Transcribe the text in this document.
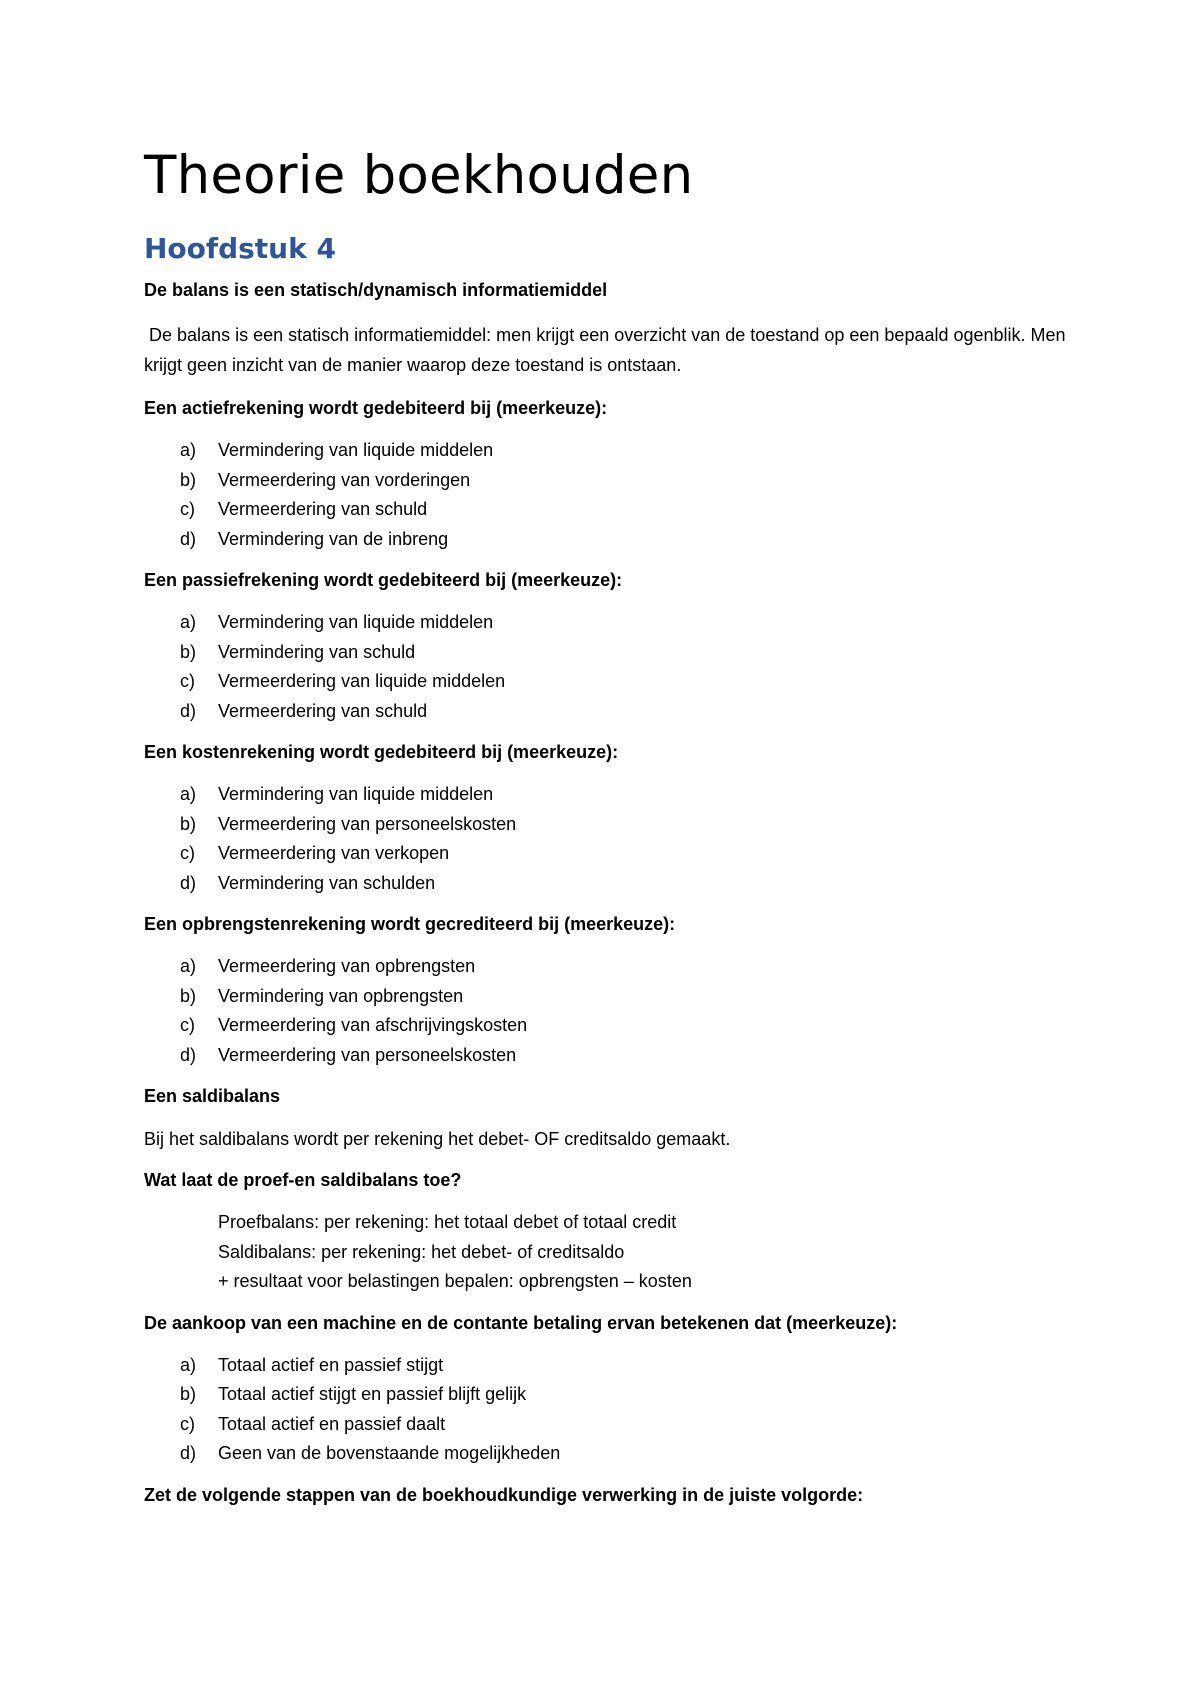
Theorie boekhouden
Hoofdstuk 4

De balans is een statisch/dynamisch informatiemiddel

De balans is een statisch informatiemiddel: men krijgt een overzicht van de toestand op een bepaald ogenblik. Men krijgt geen inzicht van de manier waarop deze toestand is ontstaan.

Een actiefrekening wordt gedebiteerd bij (meerkeuze):

a) Vermindering van liquide middelen
b) Vermeerdering van vorderingen
c) Vermeerdering van schuld
d) Vermindering van de inbreng

Een passiefrekening wordt gedebiteerd bij (meerkeuze):

a) Vermindering van liquide middelen
b) Vermindering van schuld
c) Vermeerdering van liquide middelen
d) Vermeerdering van schuld

Een kostenrekening wordt gedebiteerd bij (meerkeuze):

a) Vermindering van liquide middelen
b) Vermeerdering van personeelskosten
c) Vermeerdering van verkopen
d) Vermindering van schulden

Een opbrengstenrekening wordt gecrediteerd bij (meerkeuze):

a) Vermeerdering van opbrengsten
b) Vermindering van opbrengsten
c) Vermeerdering van afschrijvingskosten
d) Vermeerdering van personeelskosten

Een saldibalans

Bij het saldibalans wordt per rekening het debet- OF creditsaldo gemaakt.

Wat laat de proef-en saldibalans toe?

Proefbalans: per rekening: het totaal debet of totaal credit

Saldibalans: per rekening: het debet- of creditsaldo

+ resultaat voor belastingen bepalen: opbrengsten – kosten

De aankoop van een machine en de contante betaling ervan betekenen dat (meerkeuze):

a) Totaal actief en passief stijgt
b) Totaal actief stijgt en passief blijft gelijk
c) Totaal actief en passief daalt
d) Geen van de bovenstaande mogelijkheden

Zet de volgende stappen van de boekhoudkundige verwerking in de juiste volgorde:
